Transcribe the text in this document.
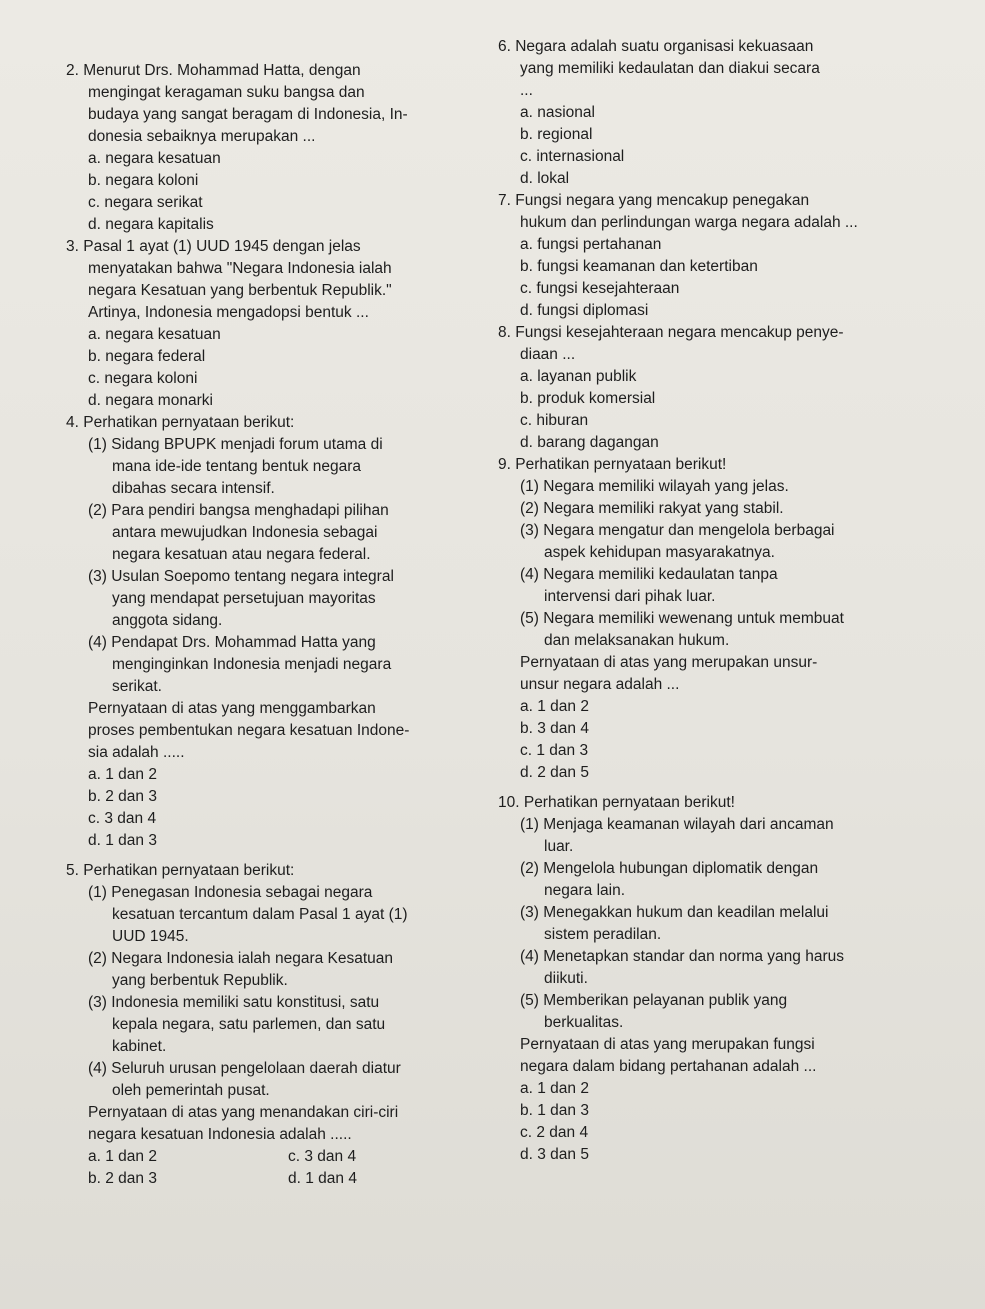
2. Menurut Drs. Mohammad Hatta, dengan

mengingat keragaman suku bangsa dan

budaya yang sangat beragam di Indonesia, In-

donesia sebaiknya merupakan ...

a. negara kesatuan

b. negara koloni

c. negara serikat

d. negara kapitalis

3. Pasal 1 ayat (1) UUD 1945 dengan jelas

menyatakan bahwa "Negara Indonesia ialah

negara Kesatuan yang berbentuk Republik."

Artinya, Indonesia mengadopsi bentuk ...

a. negara kesatuan

b. negara federal

c. negara koloni

d. negara monarki

4. Perhatikan pernyataan berikut:

(1) Sidang BPUPK menjadi forum utama di

mana ide-ide tentang bentuk negara

dibahas secara intensif.

(2) Para pendiri bangsa menghadapi pilihan

antara mewujudkan Indonesia sebagai

negara kesatuan atau negara federal.

(3) Usulan Soepomo tentang negara integral

yang mendapat persetujuan mayoritas

anggota sidang.

(4) Pendapat Drs. Mohammad Hatta yang

menginginkan Indonesia menjadi negara

serikat.

Pernyataan di atas yang menggambarkan

proses pembentukan negara kesatuan Indone-

sia adalah .....

a. 1 dan 2

b. 2 dan 3

c. 3 dan 4

d. 1 dan 3

5. Perhatikan pernyataan berikut:

(1) Penegasan Indonesia sebagai negara

kesatuan tercantum dalam Pasal 1 ayat (1)

UUD 1945.

(2) Negara Indonesia ialah negara Kesatuan

yang berbentuk Republik.

(3) Indonesia memiliki satu konstitusi, satu

kepala negara, satu parlemen, dan satu

kabinet.

(4) Seluruh urusan pengelolaan daerah diatur

oleh pemerintah pusat.

Pernyataan di atas yang menandakan ciri-ciri

negara kesatuan Indonesia adalah .....

a. 1 dan 2	c. 3 dan 4
b. 2 dan 3	d. 1 dan 4

6. Negara adalah suatu organisasi kekuasaan

yang memiliki kedaulatan dan diakui secara

...

a. nasional

b. regional

c. internasional

d. lokal

7. Fungsi negara yang mencakup penegakan

hukum dan perlindungan warga negara adalah ...

a. fungsi pertahanan

b. fungsi keamanan dan ketertiban

c. fungsi kesejahteraan

d. fungsi diplomasi

8. Fungsi kesejahteraan negara mencakup penye-

diaan ...

a. layanan publik

b. produk komersial

c. hiburan

d. barang dagangan

9. Perhatikan pernyataan berikut!

(1) Negara memiliki wilayah yang jelas.

(2) Negara memiliki rakyat yang stabil.

(3) Negara mengatur dan mengelola berbagai

aspek kehidupan masyarakatnya.

(4) Negara memiliki kedaulatan tanpa

intervensi dari pihak luar.

(5) Negara memiliki wewenang untuk membuat

dan melaksanakan hukum.

Pernyataan di atas yang merupakan unsur-

unsur negara adalah ...

a. 1 dan 2

b. 3 dan 4

c. 1 dan 3

d. 2 dan 5

10. Perhatikan pernyataan berikut!

(1) Menjaga keamanan wilayah dari ancaman

luar.

(2) Mengelola hubungan diplomatik dengan

negara lain.

(3) Menegakkan hukum dan keadilan melalui

sistem peradilan.

(4) Menetapkan standar dan norma yang harus

diikuti.

(5) Memberikan pelayanan publik yang

berkualitas.

Pernyataan di atas yang merupakan fungsi

negara dalam bidang pertahanan adalah ...

a. 1 dan 2

b. 1 dan 3

c. 2 dan 4

d. 3 dan 5
